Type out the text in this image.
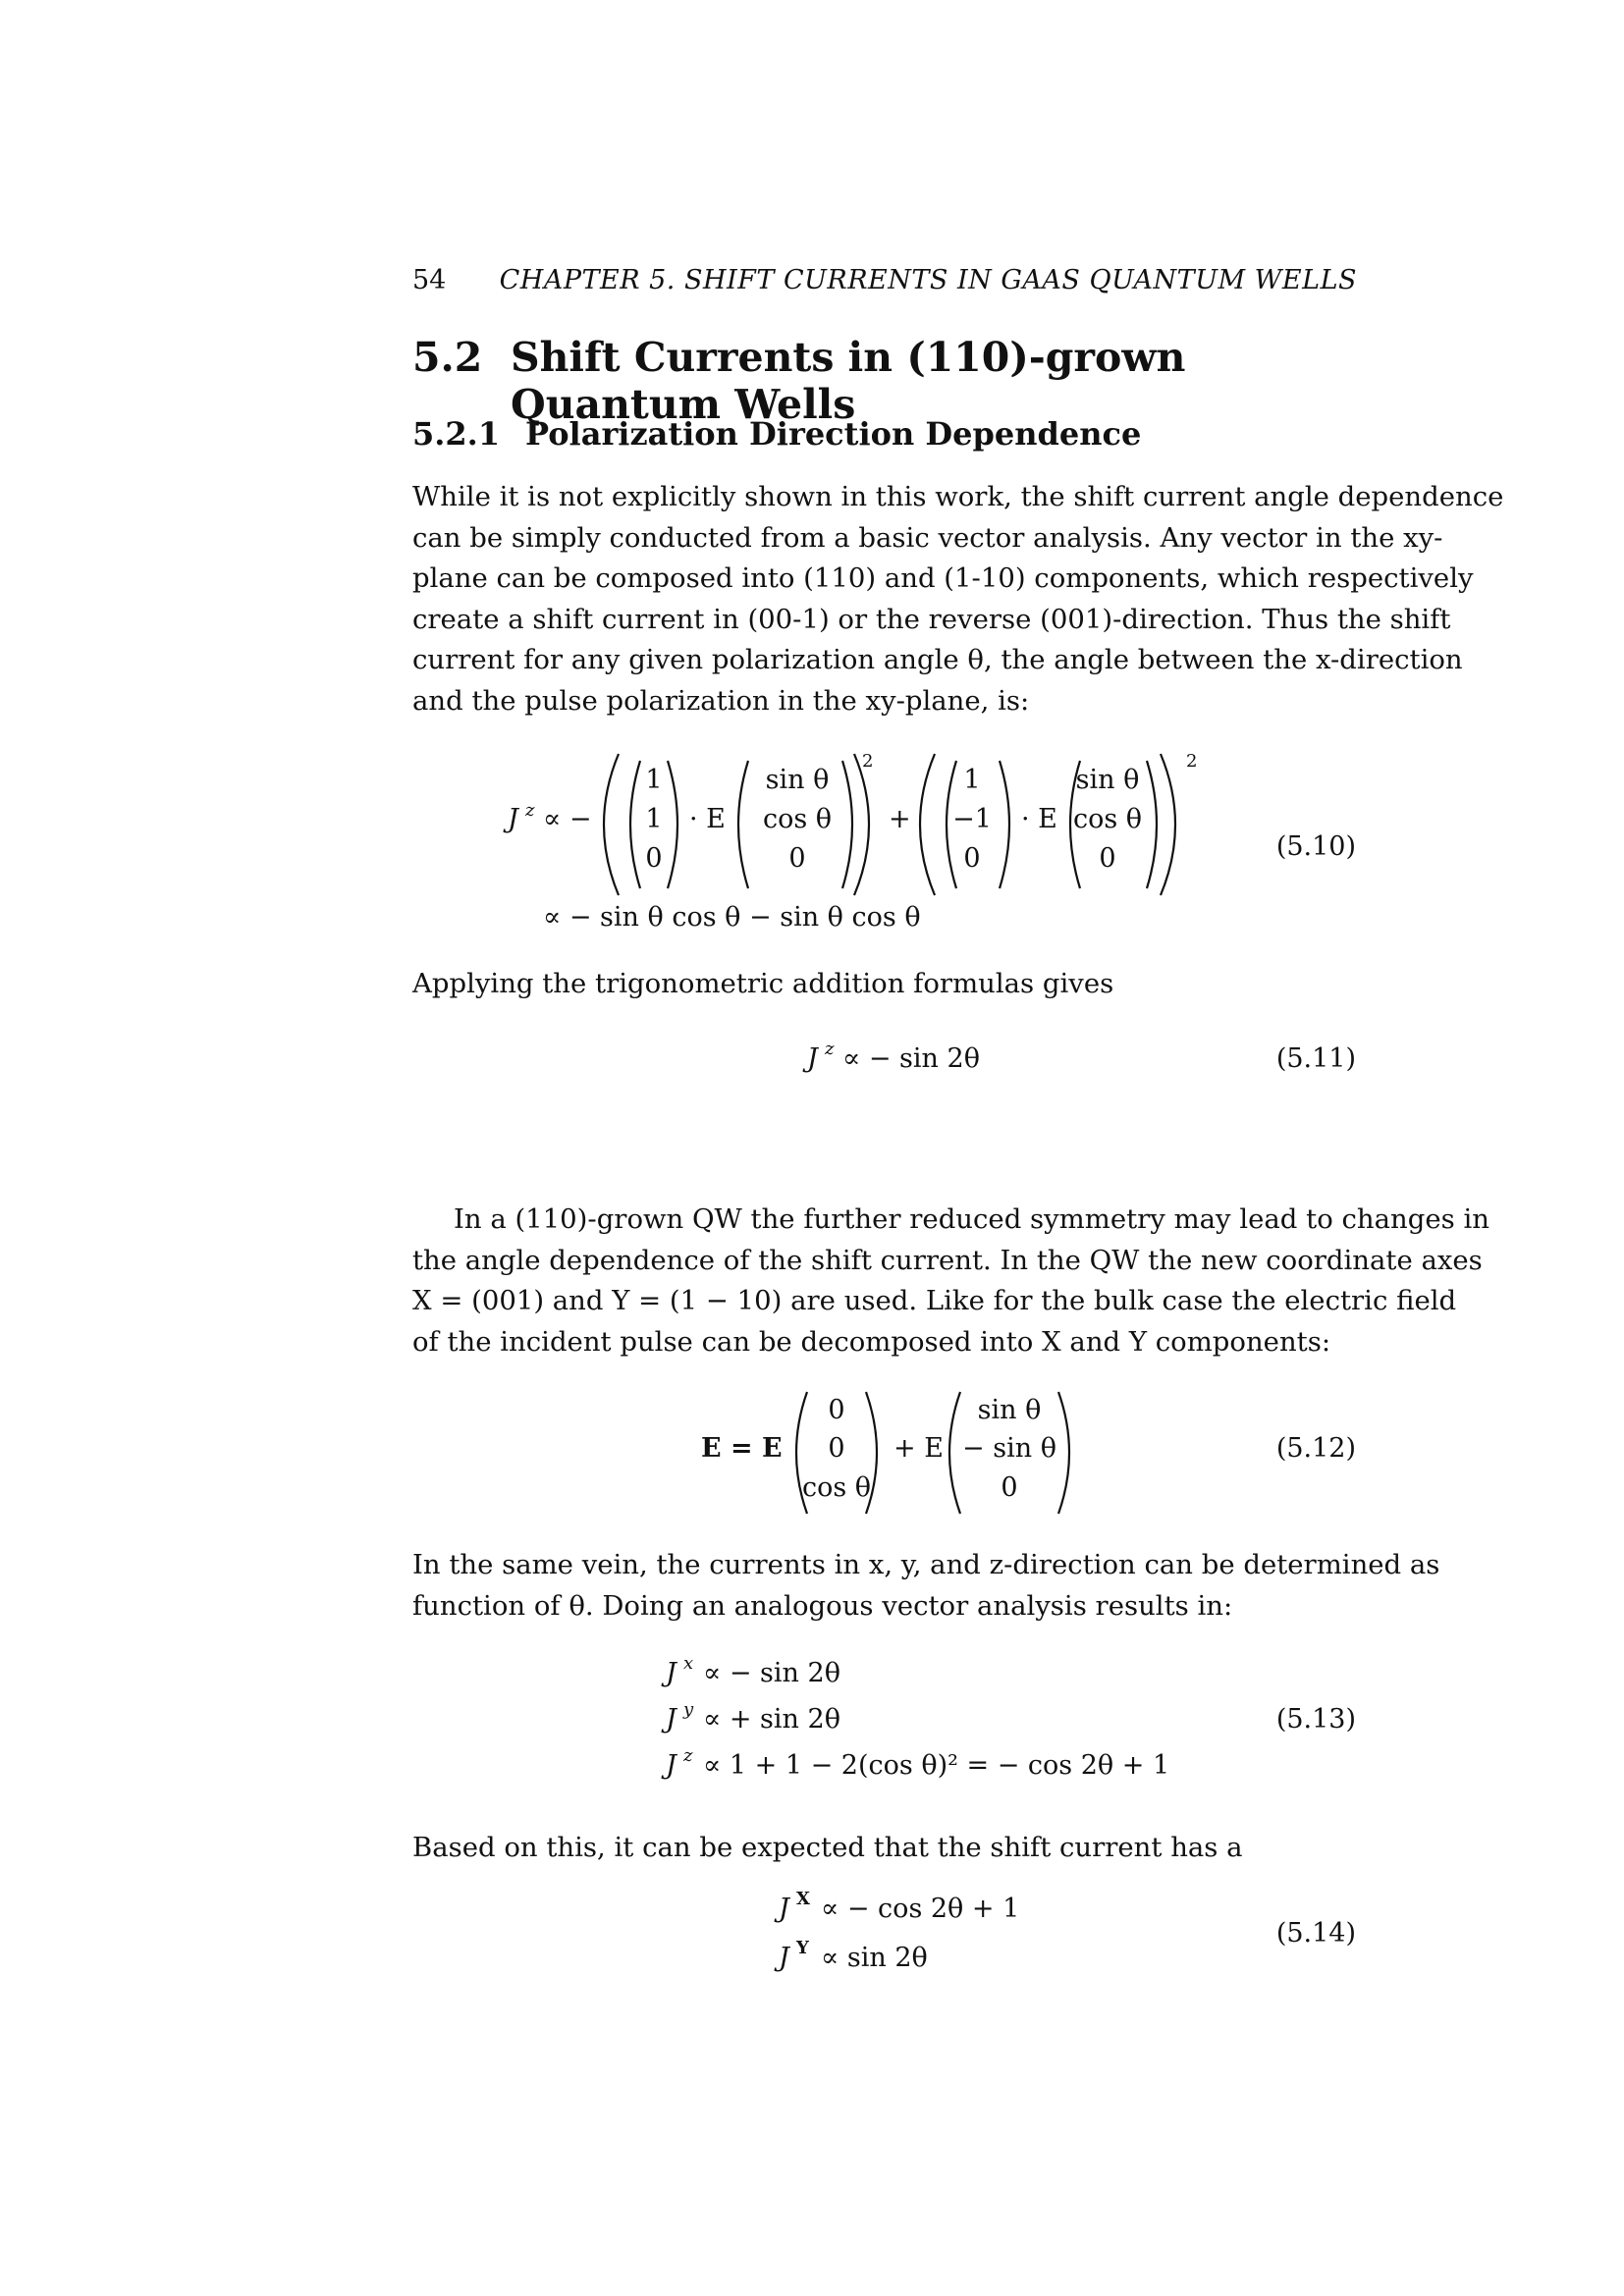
54 CHAPTER 5. SHIFT CURRENTS IN GAAS QUANTUM WELLS
5.2 Shift Currents in (110)-grown Quantum Wells
5.2.1 Polarization Direction Dependence
While it is not explicitly shown in this work, the shift current angle dependence
can be simply conducted from a basic vector analysis. Any vector in the xy-
plane can be composed into (110) and (1-10) components, which respectively
create a shift current in (00-1) or the reverse (001)-direction. Thus the shift
current for any given polarization angle θ, the angle between the x-direction
and the pulse polarization in the xy-plane, is:
Applying the trigonometric addition formulas gives
In a (110)-grown QW the further reduced symmetry may lead to changes in
the angle dependence of the shift current. In the QW the new coordinate axes
X = (001) and Y = (1 − 10) are used. Like for the bulk case the electric field
of the incident pulse can be decomposed into X and Y components:
In the same vein, the currents in x, y, and z-direction can be determined as
function of θ. Doing an analogous vector analysis results in:
Based on this, it can be expected that the shift current has a
J z ∝ −
1
1
0
· E
sin θ
cos θ
0
2
+
1
−1
0
· E
sin θ
cos θ
0
2
(5.10)
∝ − sin θ cos θ − sin θ cos θ
J z ∝ − sin 2θ	(5.11)
E = E
0
0
cos θ
+ E
sin θ
− sin θ
0
(5.12)
J x ∝ − sin 2θ
J y ∝ + sin 2θ
J z ∝ 1 + 1 − 2(cos θ)² = − cos 2θ + 1
(5.13)
J X ∝ − cos 2θ + 1
J Y ∝ sin 2θ
(5.14)
